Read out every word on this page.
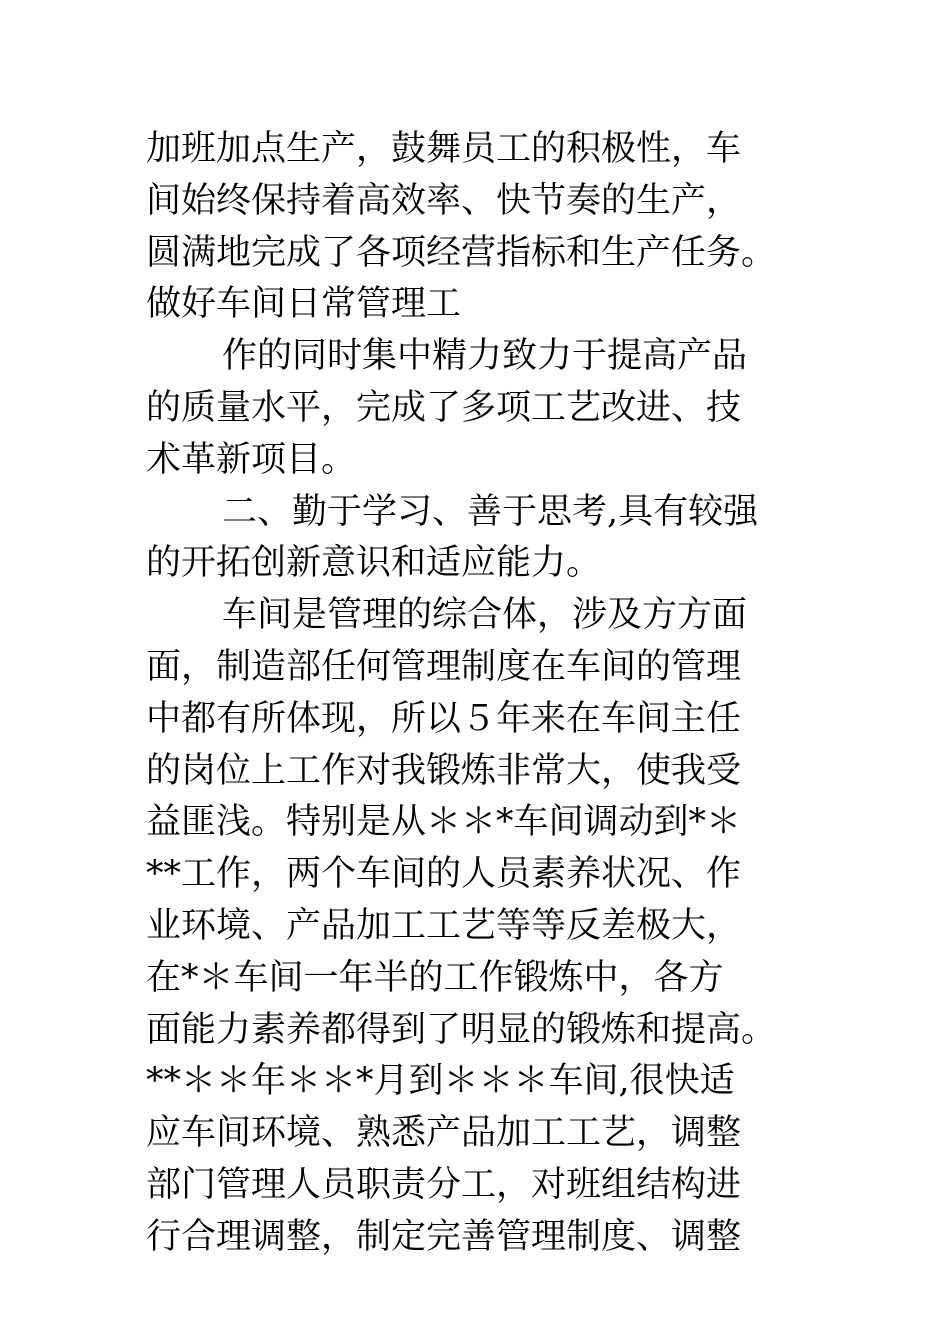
加班加点生产，鼓舞员工的积极性，车
间始终保持着高效率、快节奏的生产，
圆满地完成了各项经营指标和生产任务。
做好车间日常管理工
作的同时集中精力致力于提高产品
的质量水平，完成了多项工艺改进、技
术革新项目。
二、勤于学习、善于思考,具有较强
的开拓创新意识和适应能力。
车间是管理的综合体，涉及方方面
面，制造部任何管理制度在车间的管理
中都有所体现，所以５年来在车间主任
的岗位上工作对我锻炼非常大，使我受
益匪浅。特别是从＊＊*车间调动到*＊
**工作，两个车间的人员素养状况、作
业环境、产品加工工艺等等反差极大，
在*＊车间一年半的工作锻炼中，各方
面能力素养都得到了明显的锻炼和提高。
**＊＊年＊＊*月到＊＊＊车间,很快适
应车间环境、熟悉产品加工工艺，调整
部门管理人员职责分工，对班组结构进
行合理调整，制定完善管理制度、调整
